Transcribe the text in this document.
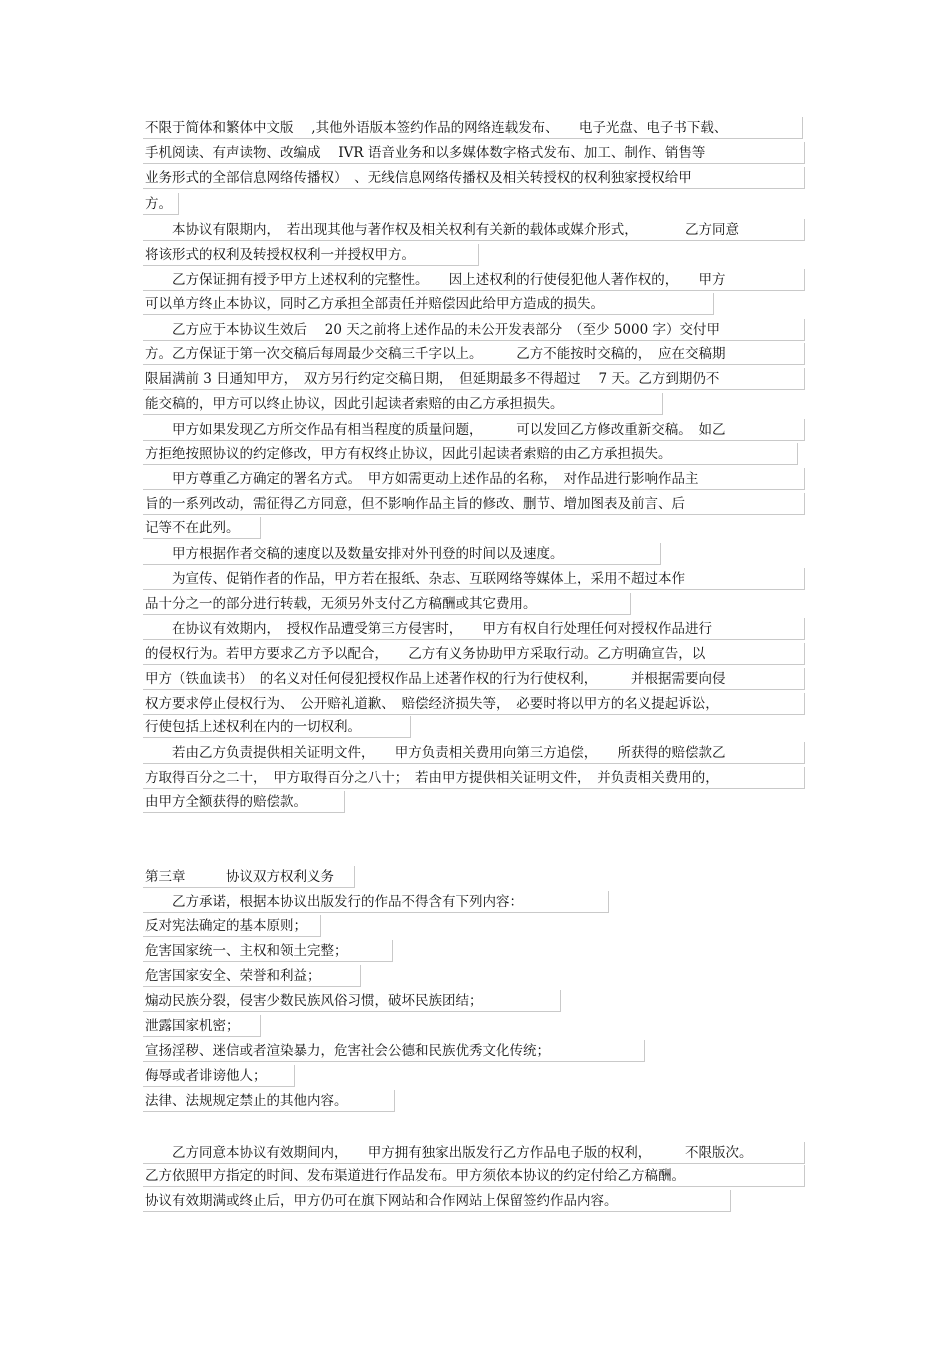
不限于简体和繁体中文版　 ,其他外语版本签约作品的网络连载发布、　　电子光盘、电子书下载、
手机阅读、有声读物、改编成　 IVR 语音业务和以多媒体数字格式发布、加工、制作、销售等
业务形式的全部信息网络传播权）　、无线信息网络传播权及相关转授权的权利独家授权给甲
方。
　　本协议有限期内，　若出现其他与著作权及相关权利有关新的载体或媒介形式，　　　　乙方同意
将该形式的权利及转授权权利一并授权甲方。
　　乙方保证拥有授予甲方上述权利的完整性。　　因上述权利的行使侵犯他人著作权的，　　甲方
可以单方终止本协议，同时乙方承担全部责任并赔偿因此给甲方造成的损失。
　　乙方应于本协议生效后　 20 天之前将上述作品的未公开发表部分　（至少 5000 字）交付甲
方。乙方保证于第一次交稿后每周最少交稿三千字以上。　　　乙方不能按时交稿的，　应在交稿期
限届满前 3 日通知甲方，　双方另行约定交稿日期，　但延期最多不得超过　 7 天。乙方到期仍不
能交稿的，甲方可以终止协议，因此引起读者索赔的由乙方承担损失。
　　甲方如果发现乙方所交作品有相当程度的质量问题，　　　可以发回乙方修改重新交稿。　如乙
方拒绝按照协议的约定修改，甲方有权终止协议，因此引起读者索赔的由乙方承担损失。
　　甲方尊重乙方确定的署名方式。　甲方如需更动上述作品的名称，　对作品进行影响作品主
旨的一系列改动，需征得乙方同意，但不影响作品主旨的修改、删节、增加图表及前言、后
记等不在此列。
　　甲方根据作者交稿的速度以及数量安排对外刊登的时间以及速度。
　　为宣传、促销作者的作品，甲方若在报纸、杂志、互联网络等媒体上，采用不超过本作
品十分之一的部分进行转载，无须另外支付乙方稿酬或其它费用。
　　在协议有效期内，　授权作品遭受第三方侵害时，　　甲方有权自行处理任何对授权作品进行
的侵权行为。若甲方要求乙方予以配合，　　乙方有义务协助甲方采取行动。乙方明确宣告，以
甲方（铁血读书）　的名义对任何侵犯授权作品上述著作权的行为行使权利，　　　并根据需要向侵
权方要求停止侵权行为、　公开赔礼道歉、　赔偿经济损失等，　必要时将以甲方的名义提起诉讼，
行使包括上述权利在内的一切权利。
　　若由乙方负责提供相关证明文件，　　甲方负责相关费用向第三方追偿，　　所获得的赔偿款乙
方取得百分之二十，　甲方取得百分之八十；　若由甲方提供相关证明文件，　并负责相关费用的，
由甲方全额获得的赔偿款。
第三章　　　协议双方权利义务
　　乙方承诺，根据本协议出版发行的作品不得含有下列内容：
反对宪法确定的基本原则；
危害国家统一、主权和领土完整；
危害国家安全、荣誉和利益；
煽动民族分裂，侵害少数民族风俗习惯，破坏民族团结；
泄露国家机密；
宣扬淫秽、迷信或者渲染暴力，危害社会公德和民族优秀文化传统；
侮辱或者诽谤他人；
法律、法规规定禁止的其他内容。
　　乙方同意本协议有效期间内，　　甲方拥有独家出版发行乙方作品电子版的权利，　　　不限版次。
乙方依照甲方指定的时间、发布渠道进行作品发布。甲方须依本协议的约定付给乙方稿酬。
协议有效期满或终止后，甲方仍可在旗下网站和合作网站上保留签约作品内容。
